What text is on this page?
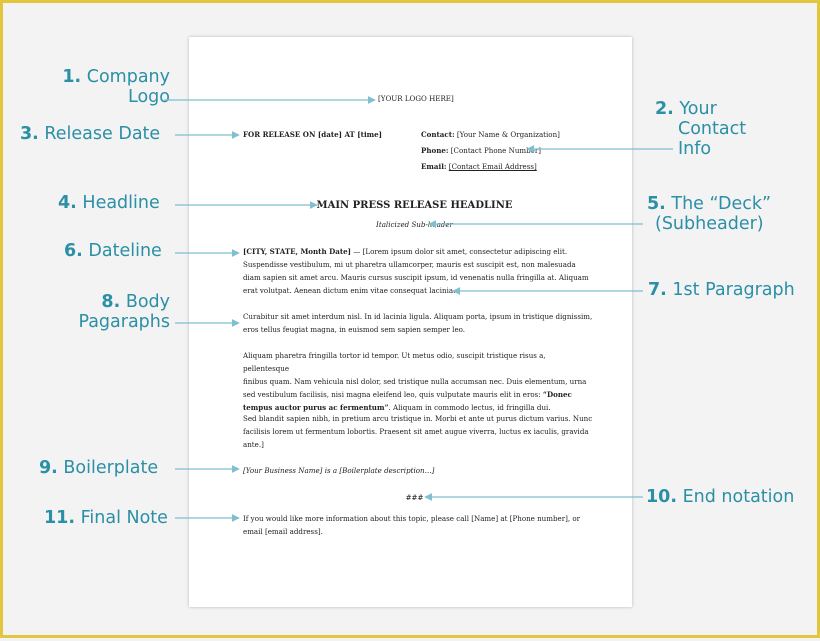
[YOUR LOGO HERE]
FOR RELEASE ON [date] AT [time]	Contact: [Your Name & Organization]
Phone: [Contact Phone Number]
Email: [Contact Email Address]
MAIN PRESS RELEASE HEADLINE
Italicized Sub-header
[CITY, STATE, Month Date] — [Lorem ipsum dolor sit amet, consectetur adipiscing elit.
Suspendisse vestibulum, mi ut pharetra ullamcorper, mauris est suscipit est, non malesuada
diam sapien sit amet arcu. Mauris cursus suscipit ipsum, id venenatis nulla fringilla at. Aliquam
erat volutpat. Aenean dictum enim vitae consequat lacinia.
Curabitur sit amet interdum nisl. In id lacinia ligula. Aliquam porta, ipsum in tristique dignissim,
eros tellus feugiat magna, in euismod sem sapien semper leo.
Aliquam pharetra fringilla tortor id tempor. Ut metus odio, suscipit tristique risus a, pellentesque
finibus quam. Nam vehicula nisl dolor, sed tristique nulla accumsan nec. Duis elementum, urna
sed vestibulum facilisis, nisi magna eleifend leo, quis vulputate mauris elit in eros: “Donec
tempus auctor purus ac fermentum”. Aliquam in commodo lectus, id fringilla dui.
Sed blandit sapien nibh, in pretium arcu tristique in. Morbi et ante ut purus dictum varius. Nunc
facilisis lorem ut fermentum lobortis. Praesent sit amet augue viverra, luctus ex iaculis, gravida
ante.]
[Your Business Name] is a [Boilerplate description…]
###
If you would like more information about this topic, please call [Name] at [Phone number], or
email [email address].
1. Company
Logo
3. Release Date
2. Your
Contact
Info
4. Headline	5. The “Deck”
(Subheader)
6. Dateline
7. 1st Paragraph
8. Body
Pagaraphs
9. Boilerplate
10. End notation
11. Final Note
